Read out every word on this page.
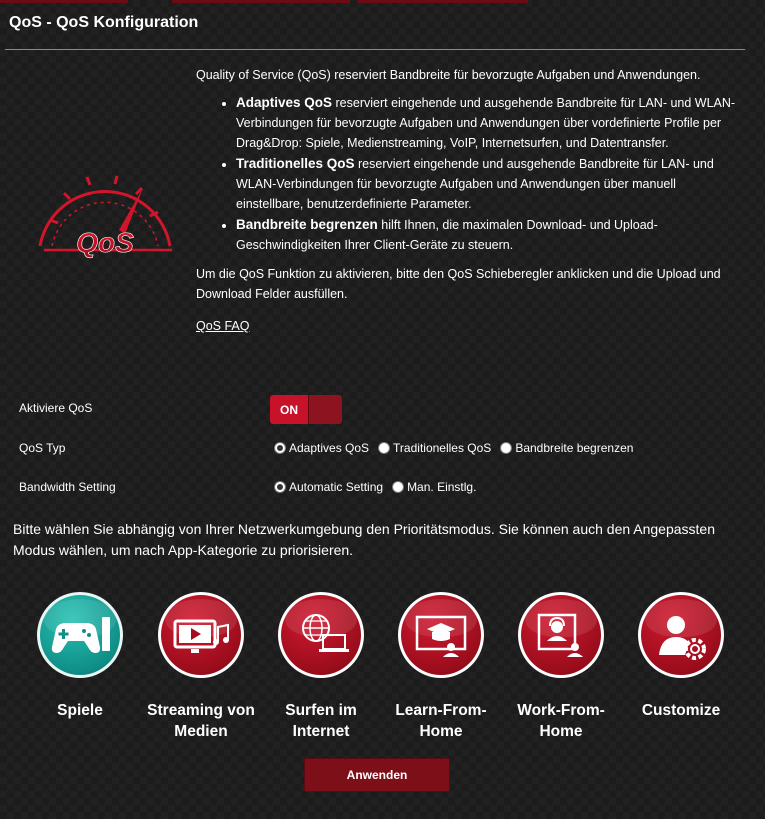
QoS - QoS Konfiguration
QoS
Quality of Service (QoS) reserviert Bandbreite für bevorzugte Aufgaben und Anwendungen.
• Adaptives QoS reserviert eingehende und ausgehende Bandbreite für LAN- und WLAN-Verbindungen für bevorzugte Aufgaben und Anwendungen über vordefinierte Profile per Drag&Drop: Spiele, Medienstreaming, VoIP, Internetsurfen, und Datentransfer.
• Traditionelles QoS reserviert eingehende und ausgehende Bandbreite für LAN- und WLAN-Verbindungen für bevorzugte Aufgaben und Anwendungen über manuell einstellbare, benutzerdefinierte Parameter.
• Bandbreite begrenzen hilft Ihnen, die maximalen Download- und Upload-Geschwindigkeiten Ihrer Client-Geräte zu steuern.
Um die QoS Funktion zu aktivieren, bitte den QoS Schieberegler anklicken und die Upload und Download Felder ausfüllen.
QoS FAQ
Aktiviere QoS	ON
QoS Typ	Adaptives QoS Traditionelles QoS Bandbreite begrenzen
Bandwidth Setting	Automatic Setting Man. Einstlg.
Bitte wählen Sie abhängig von Ihrer Netzwerkumgebung den Prioritätsmodus. Sie können auch den Angepassten Modus wählen, um nach App-Kategorie zu priorisieren.
Spiele	Streaming von
Medien
Surfen im
Internet
Learn-From-
Home
Work-From-
Home
Customize
Anwenden
